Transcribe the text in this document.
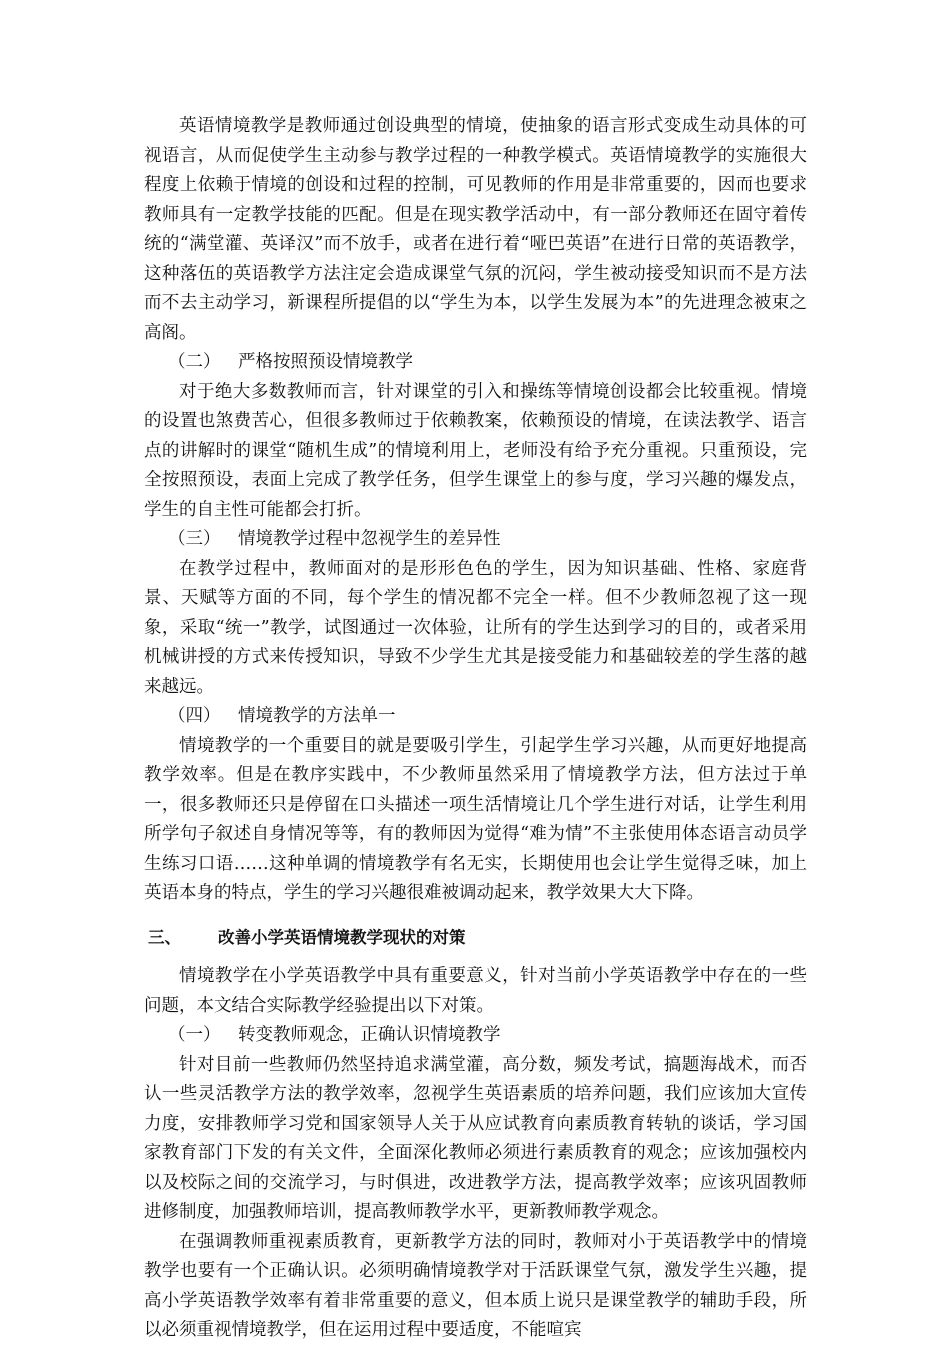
英语情境教学是教师通过创设典型的情境，使抽象的语言形式变成生动具体的可视语言，从而促使学生主动参与教学过程的一种教学模式。英语情境教学的实施很大程度上依赖于情境的创设和过程的控制，可见教师的作用是非常重要的，因而也要求教师具有一定教学技能的匹配。但是在现实教学活动中，有一部分教师还在固守着传统的“满堂灌、英译汉”而不放手，或者在进行着“哑巴英语”在进行日常的英语教学，这种落伍的英语教学方法注定会造成课堂气氛的沉闷，学生被动接受知识而不是方法而不去主动学习，新课程所提倡的以“学生为本，以学生发展为本”的先进理念被束之高阁。

（二） 严格按照预设情境教学

对于绝大多数教师而言，针对课堂的引入和操练等情境创设都会比较重视。情境的设置也煞费苦心，但很多教师过于依赖教案，依赖预设的情境，在读法教学、语言点的讲解时的课堂“随机生成”的情境利用上，老师没有给予充分重视。只重预设，完全按照预设，表面上完成了教学任务，但学生课堂上的参与度，学习兴趣的爆发点，学生的自主性可能都会打折。

（三） 情境教学过程中忽视学生的差异性

在教学过程中，教师面对的是形形色色的学生，因为知识基础、性格、家庭背景、天赋等方面的不同，每个学生的情况都不完全一样。但不少教师忽视了这一现象，采取“统一”教学，试图通过一次体验，让所有的学生达到学习的目的，或者采用机械讲授的方式来传授知识，导致不少学生尤其是接受能力和基础较差的学生落的越来越远。

（四） 情境教学的方法单一

情境教学的一个重要目的就是要吸引学生，引起学生学习兴趣，从而更好地提高教学效率。但是在教序实践中，不少教师虽然采用了情境教学方法，但方法过于单一，很多教师还只是停留在口头描述一项生活情境让几个学生进行对话，让学生利用所学句子叙述自身情况等等，有的教师因为觉得“难为情”不主张使用体态语言动员学生练习口语……这种单调的情境教学有名无实，长期使用也会让学生觉得乏味，加上英语本身的特点，学生的学习兴趣很难被调动起来，教学效果大大下降。

三、 改善小学英语情境教学现状的对策

情境教学在小学英语教学中具有重要意义，针对当前小学英语教学中存在的一些问题，本文结合实际教学经验提出以下对策。

（一） 转变教师观念，正确认识情境教学

针对目前一些教师仍然坚持追求满堂灌，高分数，频发考试，搞题海战术，而否认一些灵活教学方法的教学效率，忽视学生英语素质的培养问题，我们应该加大宣传力度，安排教师学习党和国家领导人关于从应试教育向素质教育转轨的谈话，学习国家教育部门下发的有关文件，全面深化教师必须进行素质教育的观念；应该加强校内以及校际之间的交流学习，与时俱进，改进教学方法，提高教学效率；应该巩固教师进修制度，加强教师培训，提高教师教学水平，更新教师教学观念。

在强调教师重视素质教育，更新教学方法的同时，教师对小于英语教学中的情境教学也要有一个正确认识。必须明确情境教学对于活跃课堂气氛，激发学生兴趣，提高小学英语教学效率有着非常重要的意义，但本质上说只是课堂教学的辅助手段，所以必须重视情境教学，但在运用过程中要适度，不能喧宾
